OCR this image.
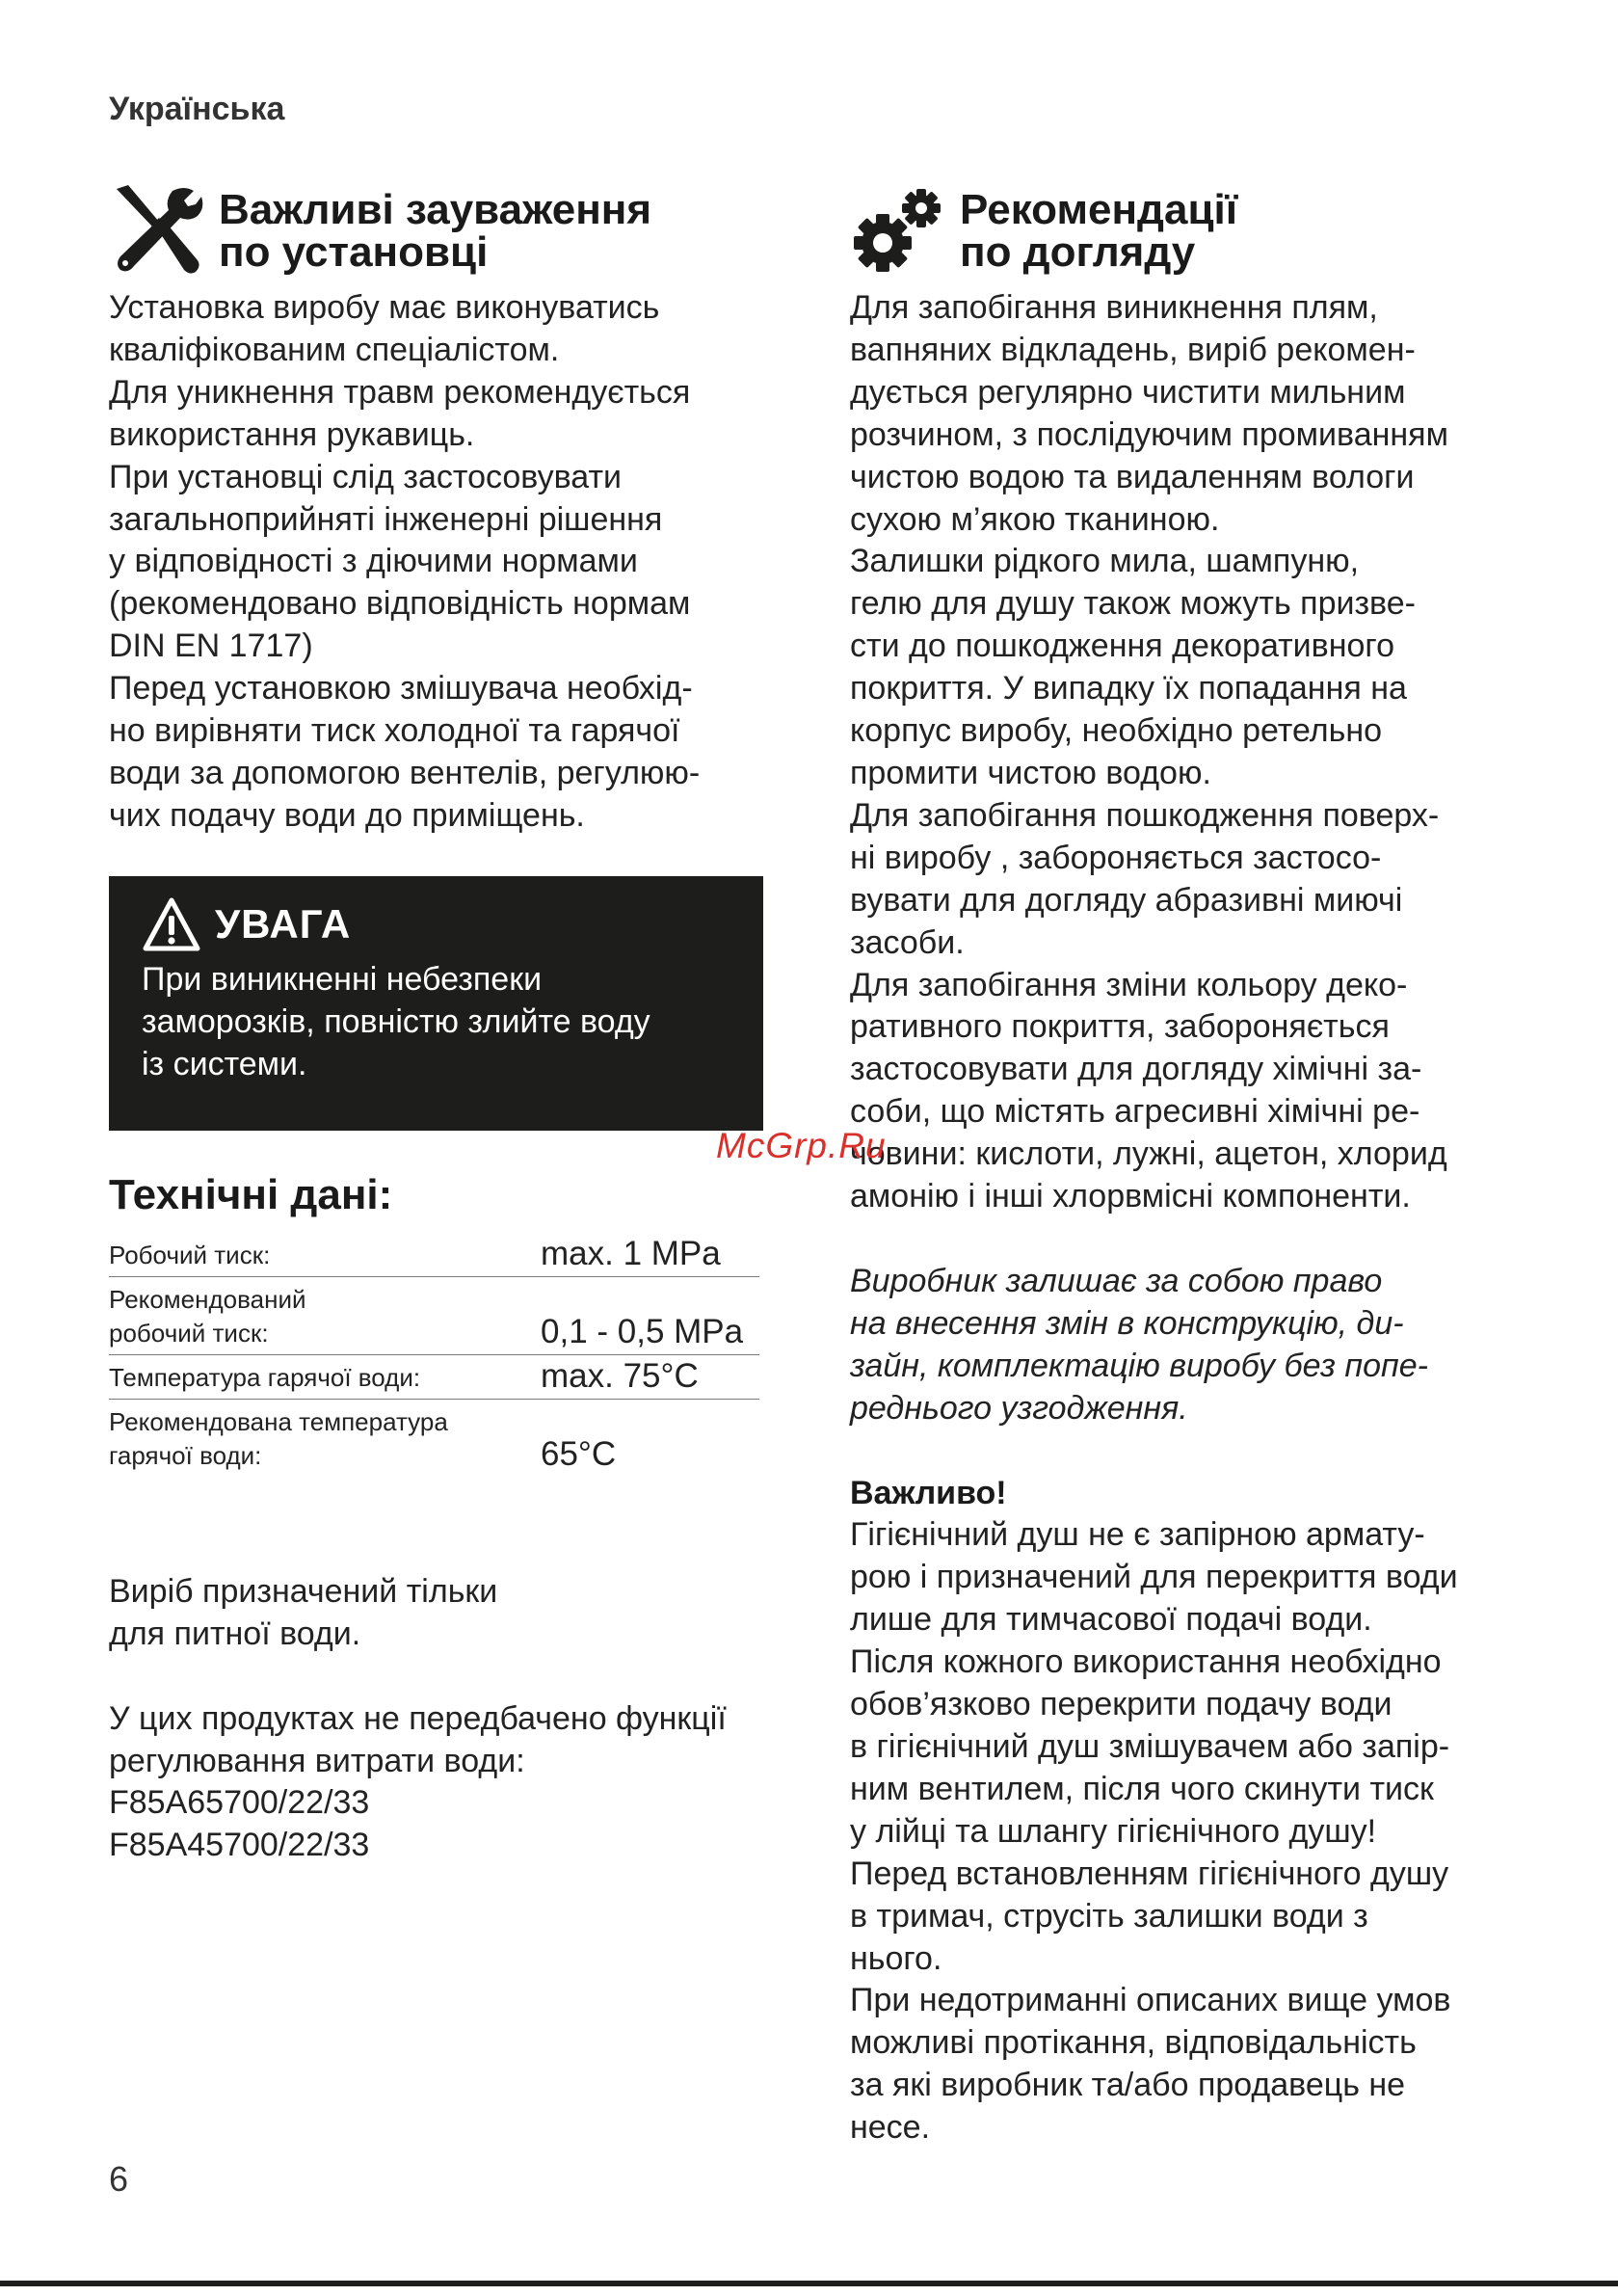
Українська
Важливі зауваження
по установці
Установка виробу має виконуватись
кваліфікованим спеціалістом.
Для уникнення травм рекомендується
використання рукавиць.
При установці слід застосовувати
загальноприйняті інженерні рішення
у відповідності з діючими нормами
(рекомендовано відповідність нормам
DIN EN 1717)
Перед установкою змішувача необхід-
но вирівняти тиск холодної та гарячої
води за допомогою вентелів, регулюю-
чих подачу води до приміщень.
УВАГА
При виникненні небезпеки
заморозків, повністю злийте воду
із системи.
Технічні дані:
Робочий тиск:	max. 1 MPa

Рекомендований
робочий тиск:	0,1 - 0,5 MPa

Температура гарячої води:	max. 75°C

Рекомендована температура
гарячої води:	65°C
Виріб призначений тільки
для питної води.
У цих продуктах не передбачено функції
регулювання витрати води:
F85A65700/22/33
F85A45700/22/33
Рекомендації
по догляду
Для запобігання виникнення плям,
вапняних відкладень, виріб рекомен-
дується регулярно чистити мильним
розчином, з послідуючим промиванням
чистою водою та видаленням вологи
сухою м’якою тканиною.
Залишки рідкого мила, шампуню,
гелю для душу також можуть призве-
сти до пошкодження декоративного
покриття. У випадку їх попадання на
корпус виробу, необхідно ретельно
промити чистою водою.
Для запобігання пошкодження поверх-
ні виробу , забороняється застосо-
вувати для догляду абразивні миючі
засоби.
Для запобігання зміни кольору деко-
ративного покриття, забороняється
застосовувати для догляду хімічні за-
соби, що містять агресивні хімічні ре-
човини: кислоти, лужні, ацетон, хлорид
амонію і інші хлорвмісні компоненти.
Виробник залишає за собою право
на внесення змін в конструкцію, ди-
зайн, комплектацію виробу без попе-
реднього узгодження.
Важливо!
Гігієнічний душ не є запірною армату-
рою і призначений для перекриття води
лише для тимчасової подачі води.
Після кожного використання необхідно
обов’язково перекрити подачу води
в гігієнічний душ змішувачем або запір-
ним вентилем, після чого скинути тиск
у лійці та шлангу гігієнічного душу!
Перед встановленням гігієнічного душу
в тримач, струсіть залишки води з
нього.
При недотриманні описаних вище умов
можливі протікання, відповідальність
за які виробник та/або продавець не
несе.
McGrp.Ru
6
